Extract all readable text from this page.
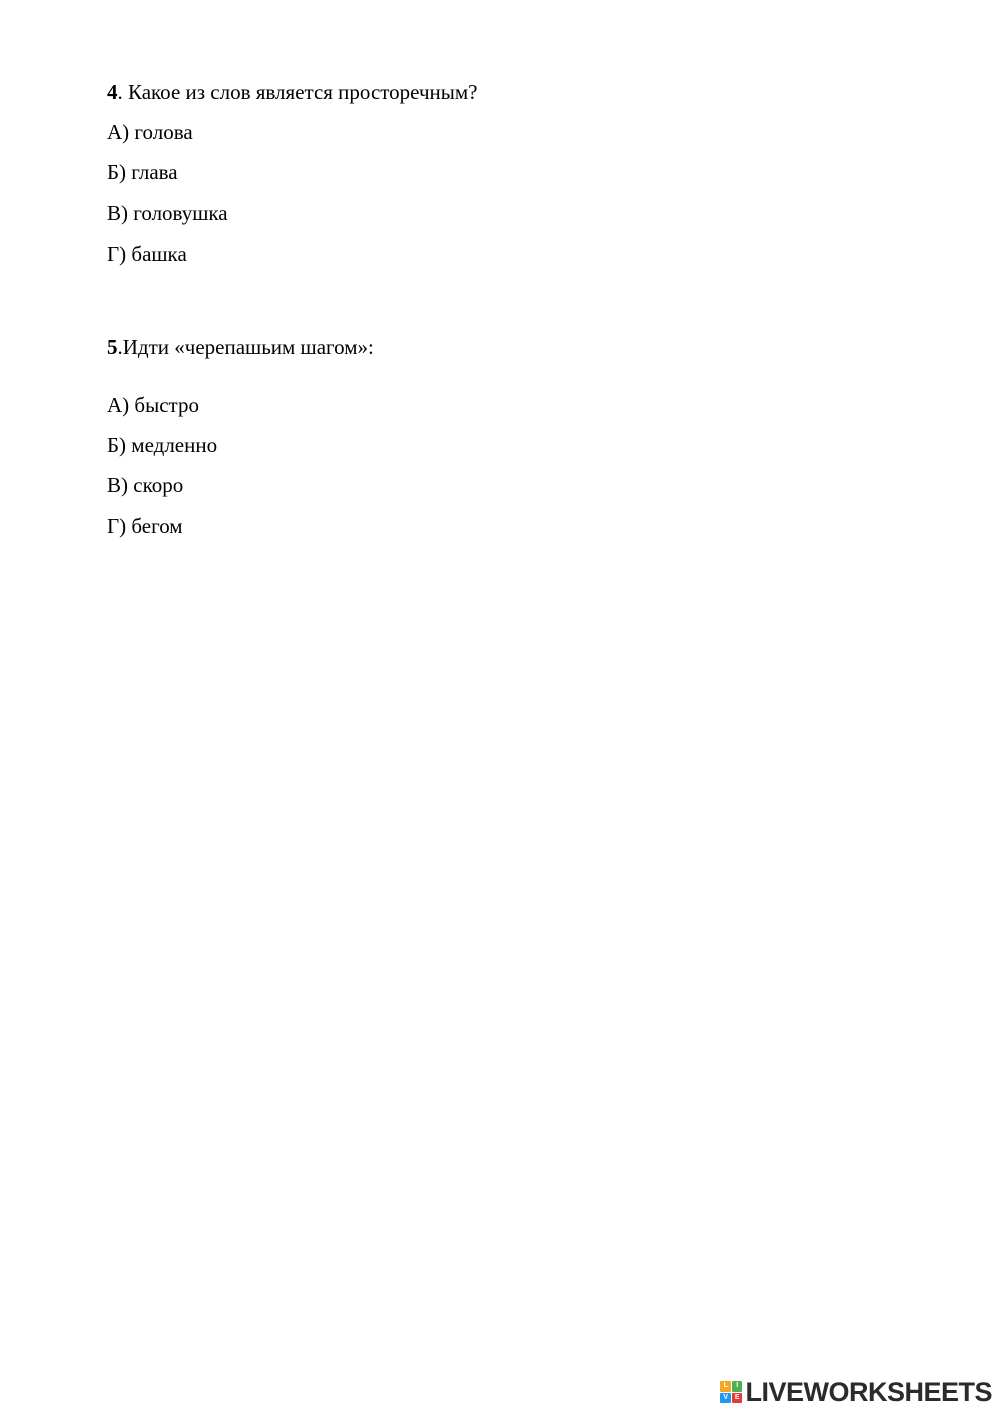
4. Какое из слов является просторечным?
А) голова
Б) глава
В) головушка
Г) башка
5.Идти «черепашьим шагом»:
А) быстро
Б) медленно
В) скоро
Г) бегом
L	I
V E LIVEWORKSHEETS
